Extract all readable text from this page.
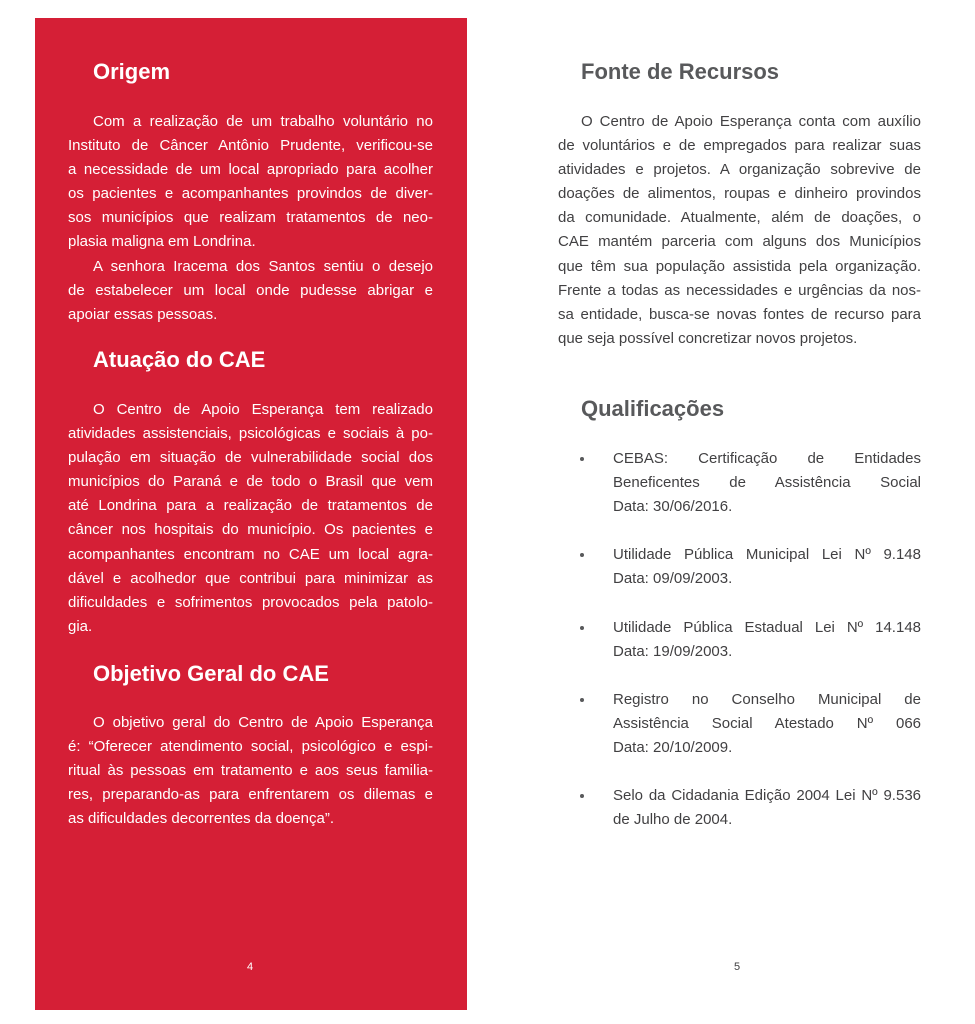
Origem
Com a realização de um trabalho voluntário no
Instituto de Câncer Antônio Prudente, verificou-se
a necessidade de um local apropriado para acolher
os pacientes e acompanhantes provindos de diver-
sos municípios que realizam tratamentos de neo-
plasia maligna em Londrina.
A senhora Iracema dos Santos sentiu o desejo
de estabelecer um local onde pudesse abrigar e
apoiar essas pessoas.
Atuação do CAE
O Centro de Apoio Esperança tem realizado
atividades assistenciais, psicológicas e sociais à po-
pulação em situação de vulnerabilidade social dos
municípios do Paraná e de todo o Brasil que vem
até Londrina para a realização de tratamentos de
câncer nos hospitais do município. Os pacientes e
acompanhantes encontram no CAE um local agra-
dável e acolhedor que contribui para minimizar as
dificuldades e sofrimentos provocados pela patolo-
gia.
Objetivo Geral do CAE
O objetivo geral do Centro de Apoio Esperança
é: “Oferecer atendimento social, psicológico e espi-
ritual às pessoas em tratamento e aos seus familia-
res, preparando-as para enfrentarem os dilemas e
as dificuldades decorrentes da doença”.
4
Fonte de Recursos
O Centro de Apoio Esperança conta com auxílio
de voluntários e de empregados para realizar suas
atividades e projetos. A organização sobrevive de
doações de alimentos, roupas e dinheiro provindos
da comunidade. Atualmente, além de doações, o
CAE mantém parceria com alguns dos Municípios
que têm sua população assistida pela organização.
Frente a todas as necessidades e urgências da nos-
sa entidade, busca-se novas fontes de recurso para
que seja possível concretizar novos projetos.
Qualificações
CEBAS: Certificação de Entidades
Beneficentes de Assistência Social
Data: 30/06/2016.
Utilidade Pública Municipal Lei Nº 9.148
Data: 09/09/2003.
Utilidade Pública Estadual Lei Nº 14.148
Data: 19/09/2003.
Registro no Conselho Municipal de
Assistência Social Atestado Nº 066
Data: 20/10/2009.
Selo da Cidadania Edição 2004 Lei Nº 9.536
de Julho de 2004.
5
